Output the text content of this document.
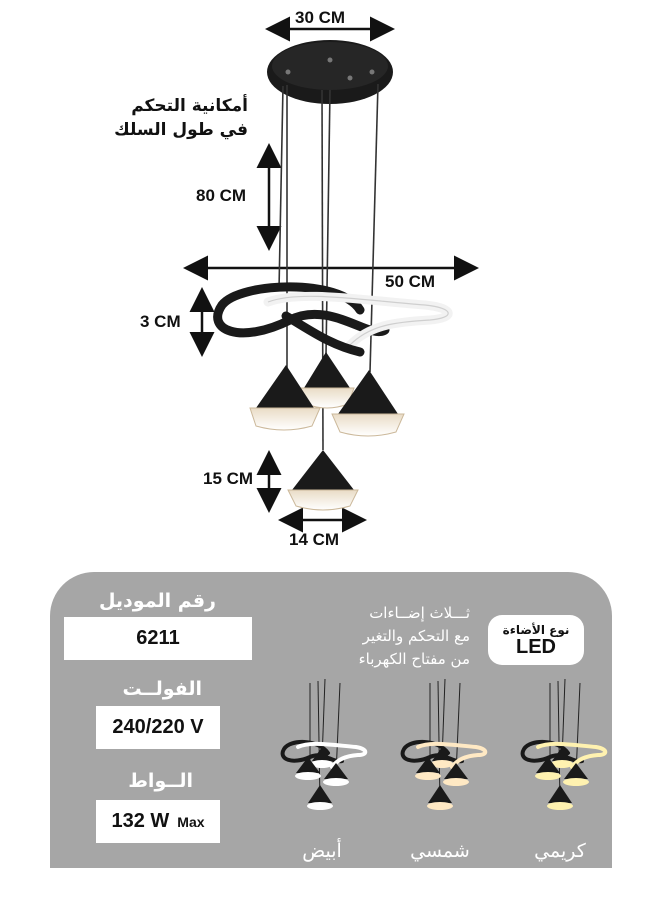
30 CM
80 CM
50 CM
3 CM
15 CM
14 CM
أمكانية التحكم
في طول السلك
رقم الموديل
6211
الفولــت
240/220 V
الــواط
132 W Max
ثـــلاث إضــاءات
مع التحكم والتغير
من مفتاح الكهرباء
نوع الأضاءة
LED
أبيض	شمسي	كريمي
